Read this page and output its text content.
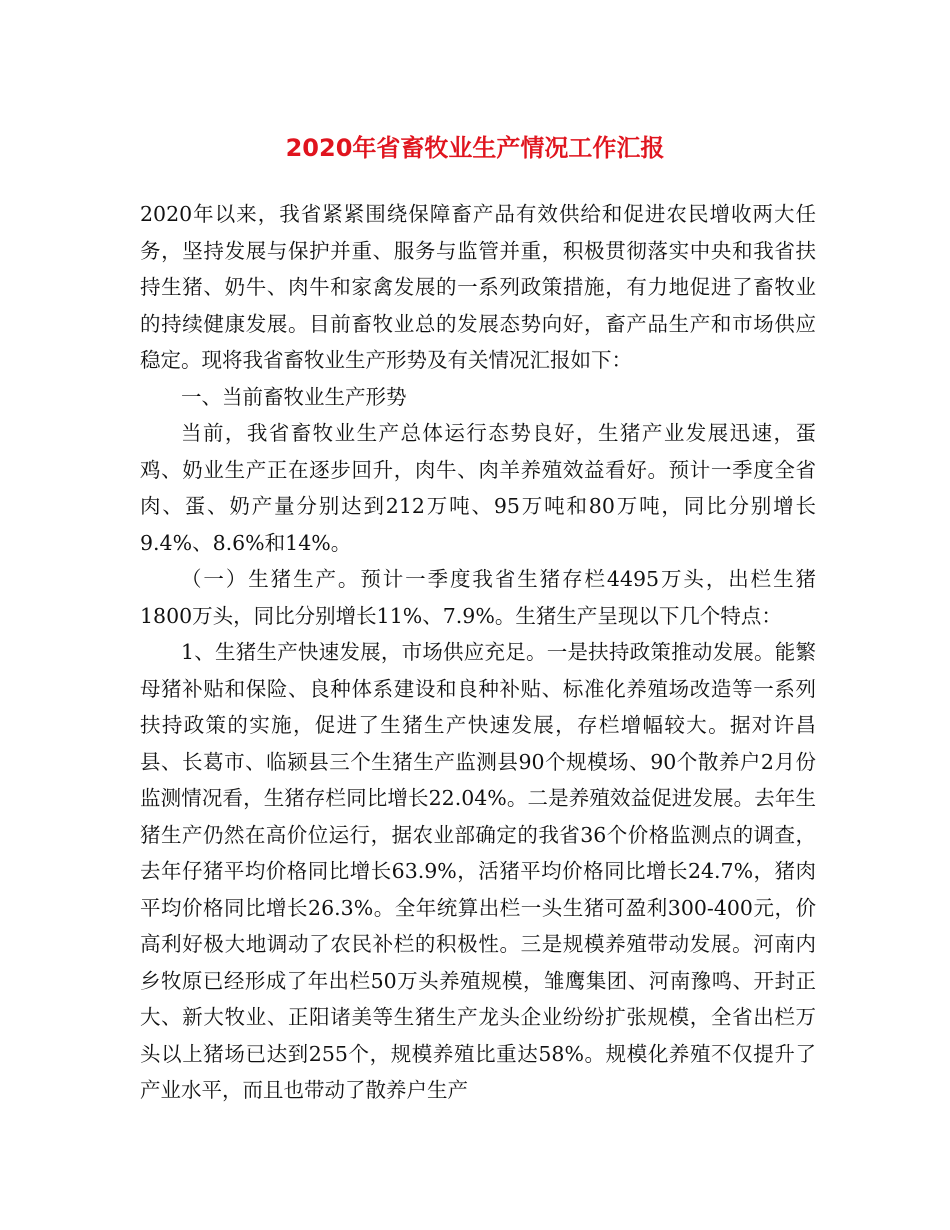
2020年省畜牧业生产情况工作汇报

2020年以来，我省紧紧围绕保障畜产品有效供给和促进农民增收两大任务，坚持发展与保护并重、服务与监管并重，积极贯彻落实中央和我省扶持生猪、奶牛、肉牛和家禽发展的一系列政策措施，有力地促进了畜牧业的持续健康发展。目前畜牧业总的发展态势向好，畜产品生产和市场供应稳定。现将我省畜牧业生产形势及有关情况汇报如下：

一、当前畜牧业生产形势

当前，我省畜牧业生产总体运行态势良好，生猪产业发展迅速，蛋鸡、奶业生产正在逐步回升，肉牛、肉羊养殖效益看好。预计一季度全省肉、蛋、奶产量分别达到212万吨、95万吨和80万吨，同比分别增长9.4%、8.6%和14%。

（一）生猪生产。预计一季度我省生猪存栏4495万头，出栏生猪1800万头，同比分别增长11%、7.9%。生猪生产呈现以下几个特点：

1、生猪生产快速发展，市场供应充足。一是扶持政策推动发展。能繁母猪补贴和保险、良种体系建设和良种补贴、标准化养殖场改造等一系列扶持政策的实施，促进了生猪生产快速发展，存栏增幅较大。据对许昌县、长葛市、临颍县三个生猪生产监测县90个规模场、90个散养户2月份监测情况看，生猪存栏同比增长22.04%。二是养殖效益促进发展。去年生猪生产仍然在高价位运行，据农业部确定的我省36个价格监测点的调查，去年仔猪平均价格同比增长63.9%，活猪平均价格同比增长24.7%，猪肉平均价格同比增长26.3%。全年统算出栏一头生猪可盈利300-400元，价高利好极大地调动了农民补栏的积极性。三是规模养殖带动发展。河南内乡牧原已经形成了年出栏50万头养殖规模，雏鹰集团、河南豫鸣、开封正大、新大牧业、正阳诸美等生猪生产龙头企业纷纷扩张规模，全省出栏万头以上猪场已达到255个，规模养殖比重达58%。规模化养殖不仅提升了产业水平，而且也带动了散养户生产
